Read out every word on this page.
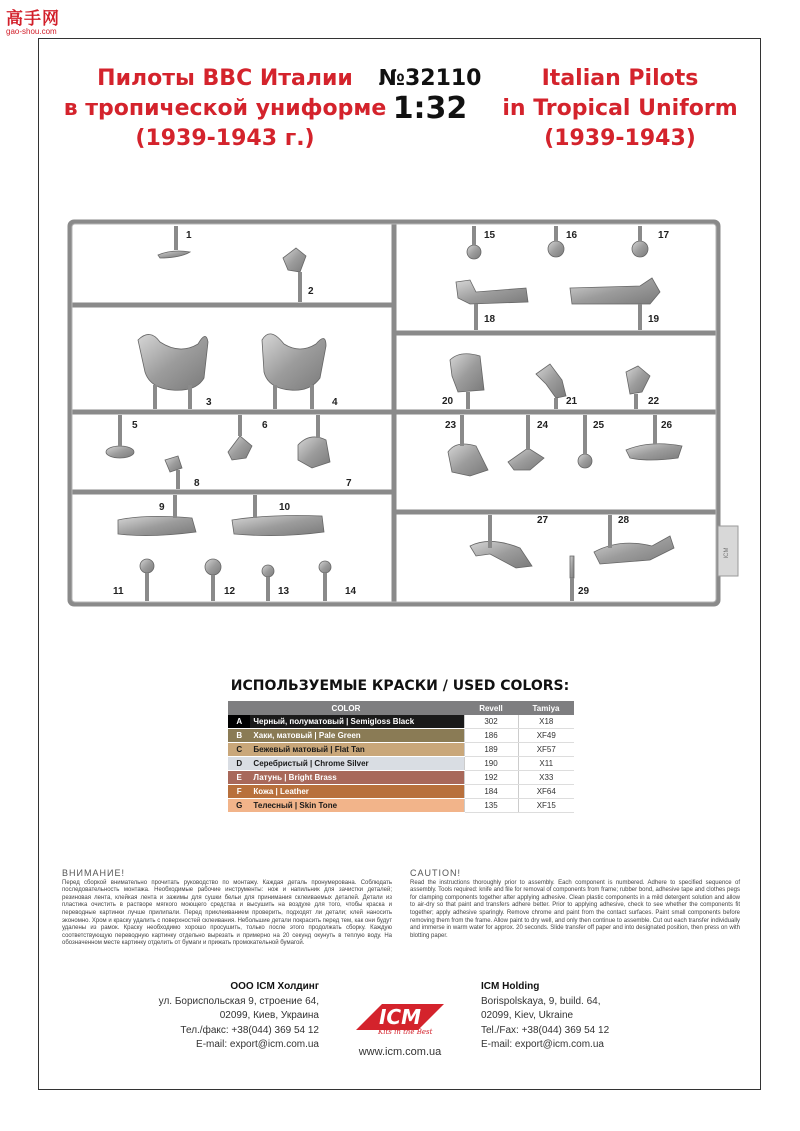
高手网
gao-shou.com
Пилоты ВВС Италии
в тропической униформе
(1939-1943 г.)
№32110
1:32
Italian Pilots
in Tropical Uniform
(1939-1943)
ICM
1
2
3	4
5	6
7
8
9	10
11	12	13	14
15	16	17
18	19
20	21	22
23	24	25	26
27	28
29
ИСПОЛЬЗУЕМЫЕ КРАСКИ / USED COLORS:
COLOR		Revell	Tamiya
A	Черный, полуматовый | Semigloss Black	302	X18
B	Хаки, матовый | Pale Green	186	XF49
C	Бежевый матовый | Flat Tan	189	XF57
D	Серебристый | Chrome Silver	190	X11
E	Латунь | Bright Brass	192	X33
F	Кожа | Leather	184	XF64
G	Телесный | Skin Tone	135	XF15
ВНИМАНИЕ!
Перед сборкой внимательно прочитать руководство по монтажу. Каждая деталь пронумерована. Соблюдать последовательность монтажа. Необходимые рабочие инструменты: нож и напильник для зачистки деталей; резиновая лента, клейкая лента и зажимы для сушки бельи для принимания склеиваемых деталей. Детали из пластика очистить в растворе мягкого моющего средства и высушить на воздухе для того, чтобы краска и переводные картинки лучше прилипали. Перед приклеиванием проверить, подходят ли детали; клей наносить экономно. Хром и краску удалить с поверхностей склеивания. Небольшие детали покрасить перед тем, как они будут удалены из рамок. Краску необходимо хорошо просушить, только после этого продолжать сборку. Каждую соответствующую переводную картинку отдельно вырезать и примерно на 20 секунд окунуть в теплую воду. На обозначенном месте картинку отделить от бумаги и прижать промокательной бумагой.
CAUTION!
Read the instructions thoroughly prior to assembly. Each component is numbered. Adhere to specified sequence of assembly. Tools required: knife and file for removal of components from frame; rubber bond, adhesive tape and clothes pegs for clamping components together after applying adhesive. Clean plastic components in a mild detergent solution and allow to air-dry so that paint and transfers adhere better. Prior to applying adhesive, check to see whether the components fit together; apply adhesive sparingly. Remove chrome and paint from the contact surfaces. Paint small components before removing them from the frame. Allow paint to dry well, and only then continue to assemble. Cut out each transfer individually and immerse in warm water for approx. 20 seconds. Slide transfer off paper and into designated position, then press on with blotting paper.
ООО ICM Холдинг
ул. Бориспольская 9, строение 64,
02099, Киев, Украина
Тел./факс: +38(044) 369 54 12
E-mail: export@icm.com.ua
ICM
Kits in the Best
ICM Holding
Borispolskaya, 9, build. 64,
02099, Kiev, Ukraine
Tel./Fax: +38(044) 369 54 12
E-mail: export@icm.com.ua
www.icm.com.ua
